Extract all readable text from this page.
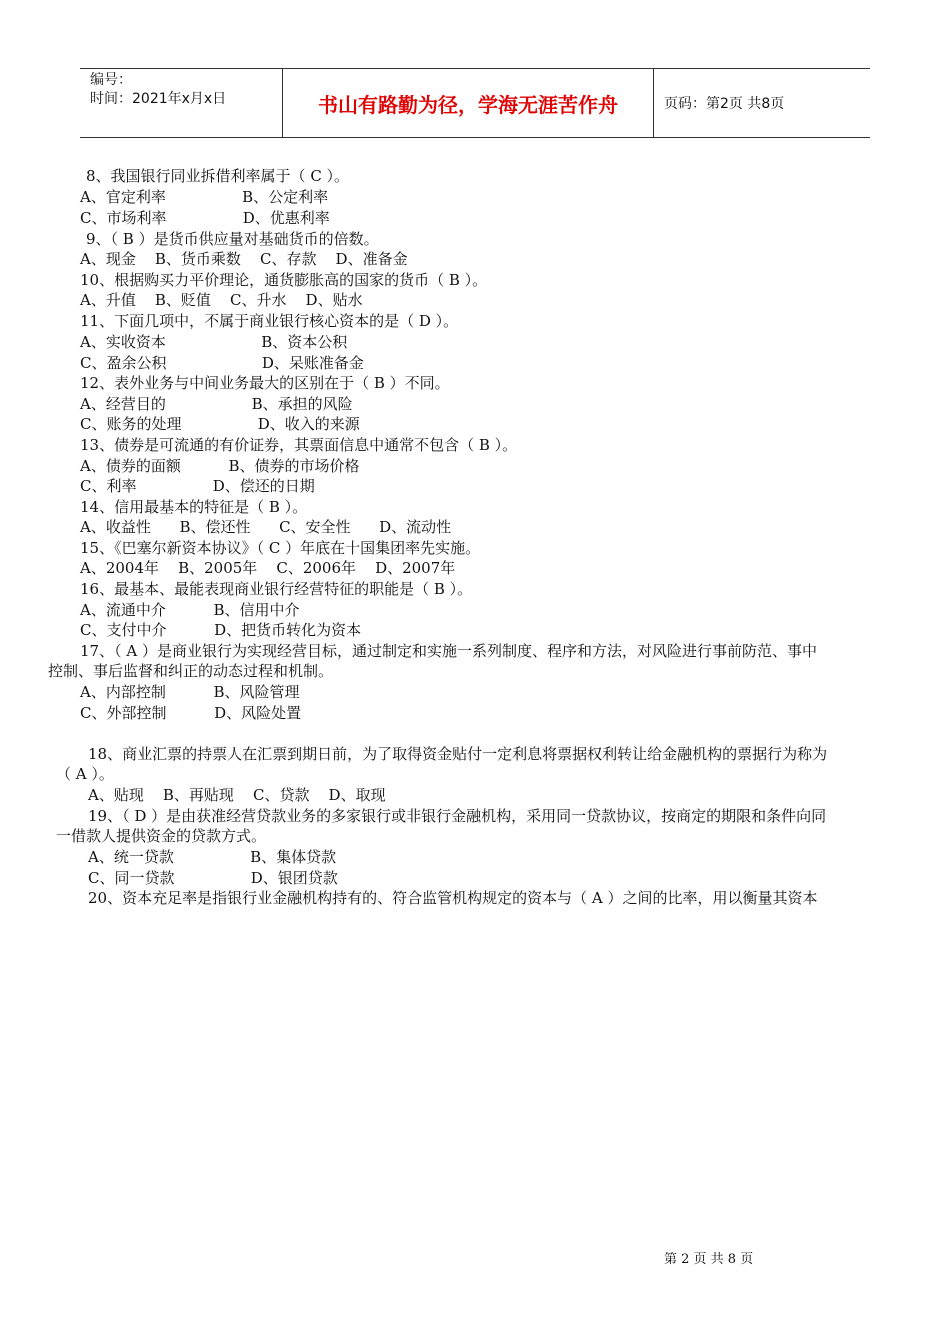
编号：
时间：2021年x月x日	书山有路勤为径，学海无涯苦作舟	页码：第2页 共8页
8、我国银行同业拆借利率属于（ C ）。
A、官定利率                B、公定利率
C、市场利率                D、优惠利率
9、（ B ）是货币供应量对基础货币的倍数。
A、现金    B、货币乘数    C、存款    D、准备金
10、根据购买力平价理论，通货膨胀高的国家的货币（ B ）。
A、升值    B、贬值    C、升水    D、贴水
11、下面几项中，不属于商业银行核心资本的是（ D ）。
A、实收资本                    B、资本公积
C、盈余公积                    D、呆账准备金
12、表外业务与中间业务最大的区别在于（ B ）不同。
A、经营目的                  B、承担的风险
C、账务的处理                D、收入的来源
13、债券是可流通的有价证券，其票面信息中通常不包含（ B ）。
A、债券的面额          B、债券的市场价格
C、利率                D、偿还的日期
14、信用最基本的特征是（ B ）。
A、收益性      B、偿还性      C、安全性      D、流动性
15、《巴塞尔新资本协议》（ C ）年底在十国集团率先实施。
A、2004年    B、2005年    C、2006年    D、2007年
16、最基本、最能表现商业银行经营特征的职能是（ B ）。
A、流通中介          B、信用中介
C、支付中介          D、把货币转化为资本
17、（ A ）是商业银行为实现经营目标，通过制定和实施一系列制度、程序和方法，对风险进行事前防范、事中
控制、事后监督和纠正的动态过程和机制。
A、内部控制          B、风险管理
C、外部控制          D、风险处置
18、商业汇票的持票人在汇票到期日前，为了取得资金贴付一定利息将票据权利转让给金融机构的票据行为称为
（ A ）。
A、贴现    B、再贴现    C、贷款    D、取现
19、（ D ）是由获准经营贷款业务的多家银行或非银行金融机构，采用同一贷款协议，按商定的期限和条件向同
一借款人提供资金的贷款方式。
A、统一贷款                B、集体贷款
C、同一贷款                D、银团贷款
20、资本充足率是指银行业金融机构持有的、符合监管机构规定的资本与（ A ）之间的比率，用以衡量其资本
第 2 页 共 8 页
